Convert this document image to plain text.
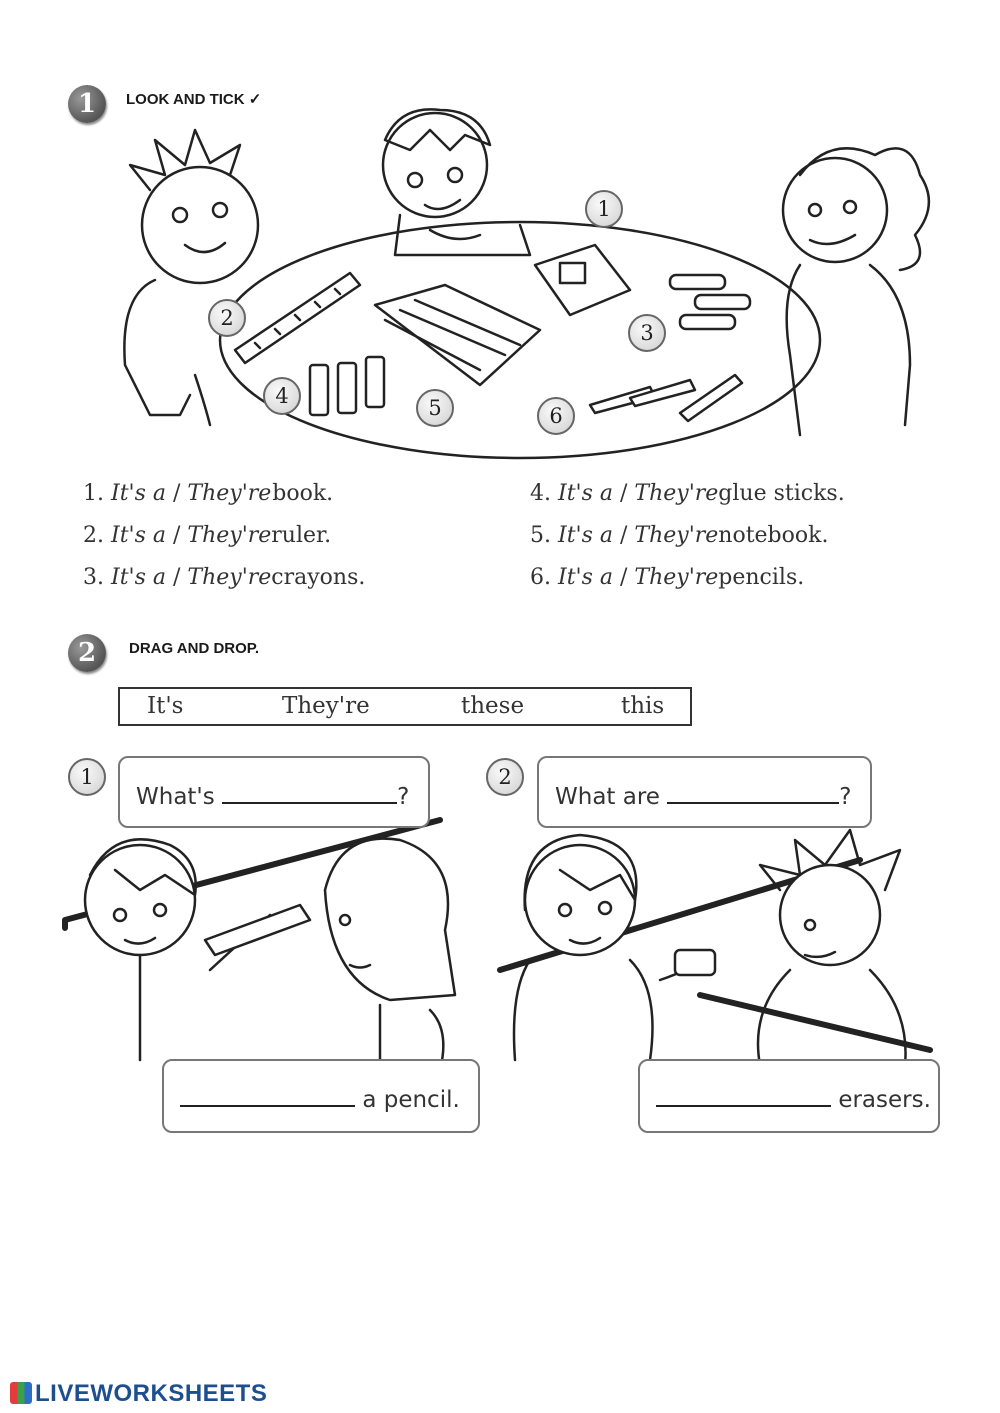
1	LOOK AND TICK ✓
1
2
3
4	5	6
1. It's a / They'rebook.
2. It's a / They'reruler.
3. It's a / They'recrayons.
4. It's a / They'reglue sticks.
5. It's a / They'renotebook.
6. It's a / They'repencils.
2	DRAG AND DROP.
It's	They're	these	this
1
What's	?
a pencil.
2
What are	?
erasers.
LIVEWORKSHEETS
